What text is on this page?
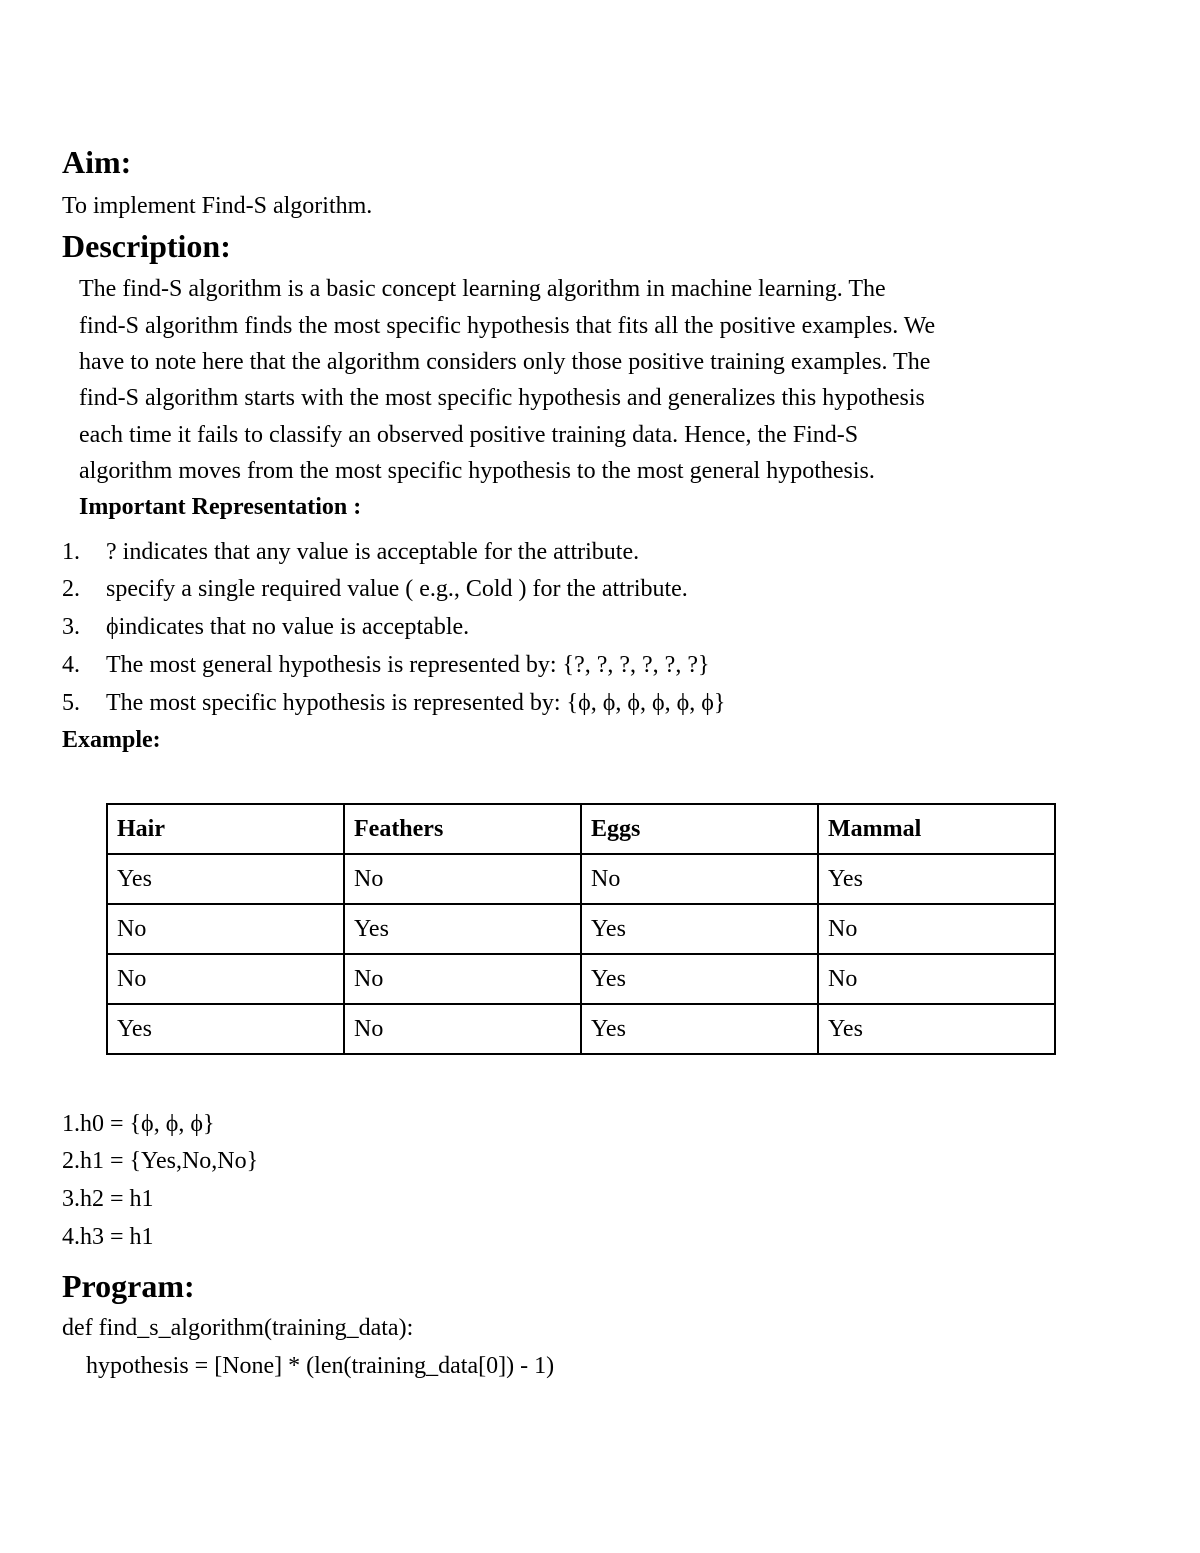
Aim:

To implement Find-S algorithm.

Description:

The find-S algorithm is a basic concept learning algorithm in machine learning. The

find-S algorithm finds the most specific hypothesis that fits all the positive examples. We

have to note here that the algorithm considers only those positive training examples. The

find-S algorithm starts with the most specific hypothesis and generalizes this hypothesis

each time it fails to classify an observed positive training data. Hence, the Find-S

algorithm moves from the most specific hypothesis to the most general hypothesis.

Important Representation :

1.	? indicates that any value is acceptable for the attribute.
2.	specify a single required value ( e.g., Cold ) for the attribute.
3.	ϕindicates that no value is acceptable.
4.	The most general hypothesis is represented by: {?, ?, ?, ?, ?, ?}
5.	The most specific hypothesis is represented by: {ϕ, ϕ, ϕ, ϕ, ϕ, ϕ}

Example:

Hair	Feathers	Eggs	Mammal
Yes	No	No	Yes
No	Yes	Yes	No
No	No	Yes	No
Yes	No	Yes	Yes

1.h0 = {ϕ, ϕ, ϕ}

2.h1 = {Yes,No,No}

3.h2 = h1

4.h3 = h1

Program:

def find_s_algorithm(training_data):

hypothesis = [None] * (len(training_data[0]) - 1)
